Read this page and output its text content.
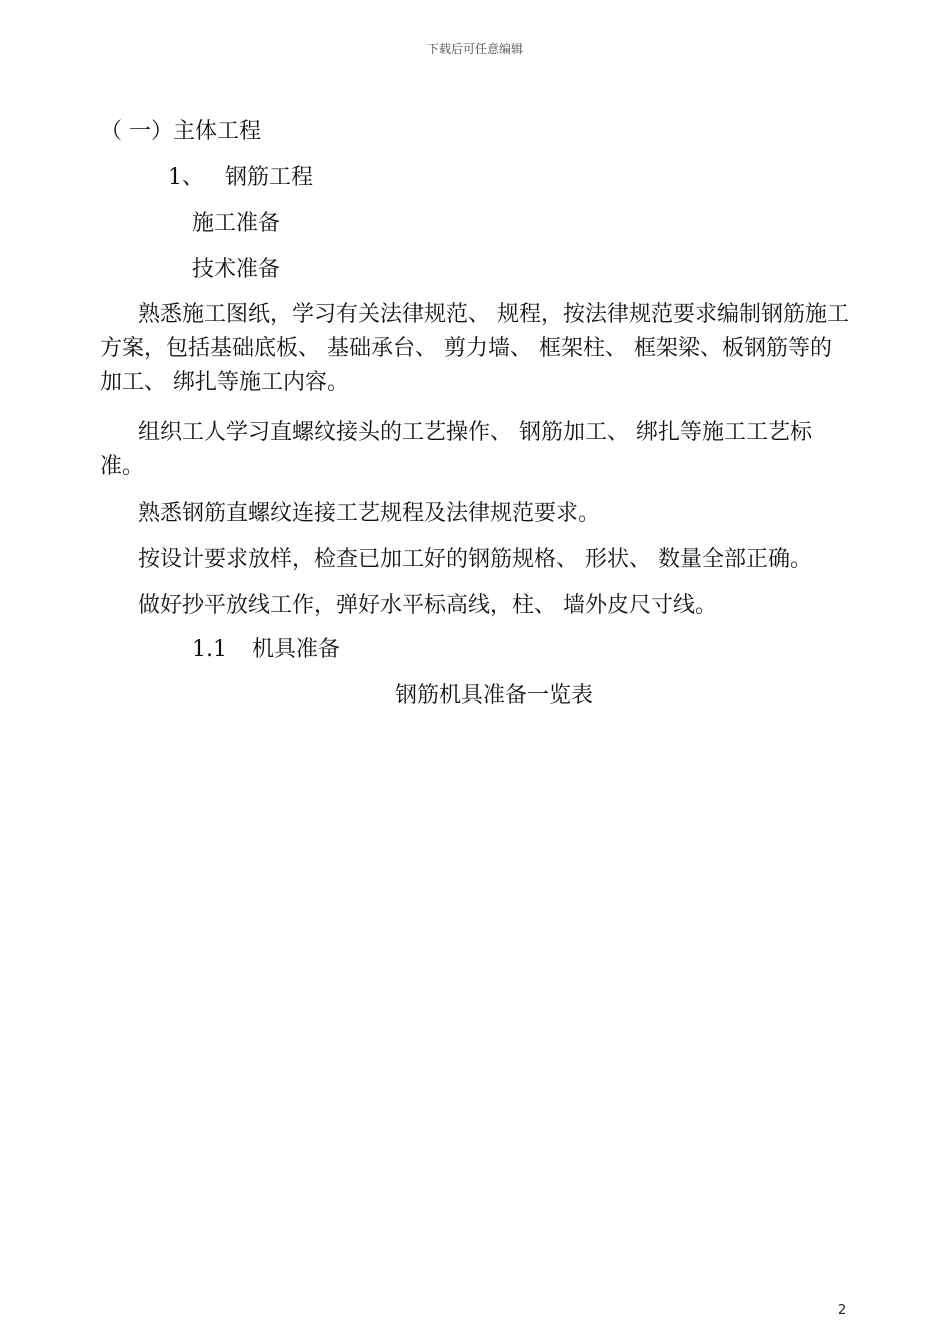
下载后可任意编辑
（ 一）主体工程
1、 钢筋工程
施工准备
技术准备
熟悉施工图纸，学习有关法律规范、 规程，按法律规范要求编制钢筋施工方案，包括基础底板、 基础承台、 剪力墙、 框架柱、 框架梁、板钢筋等的加工、 绑扎等施工内容。
组织工人学习直螺纹接头的工艺操作、 钢筋加工、 绑扎等施工工艺标准。
熟悉钢筋直螺纹连接工艺规程及法律规范要求。
按设计要求放样，检查已加工好的钢筋规格、 形状、 数量全部正确。
做好抄平放线工作，弹好水平标高线，柱、 墙外皮尺寸线。
1.1 机具准备
钢筋机具准备一览表
2
